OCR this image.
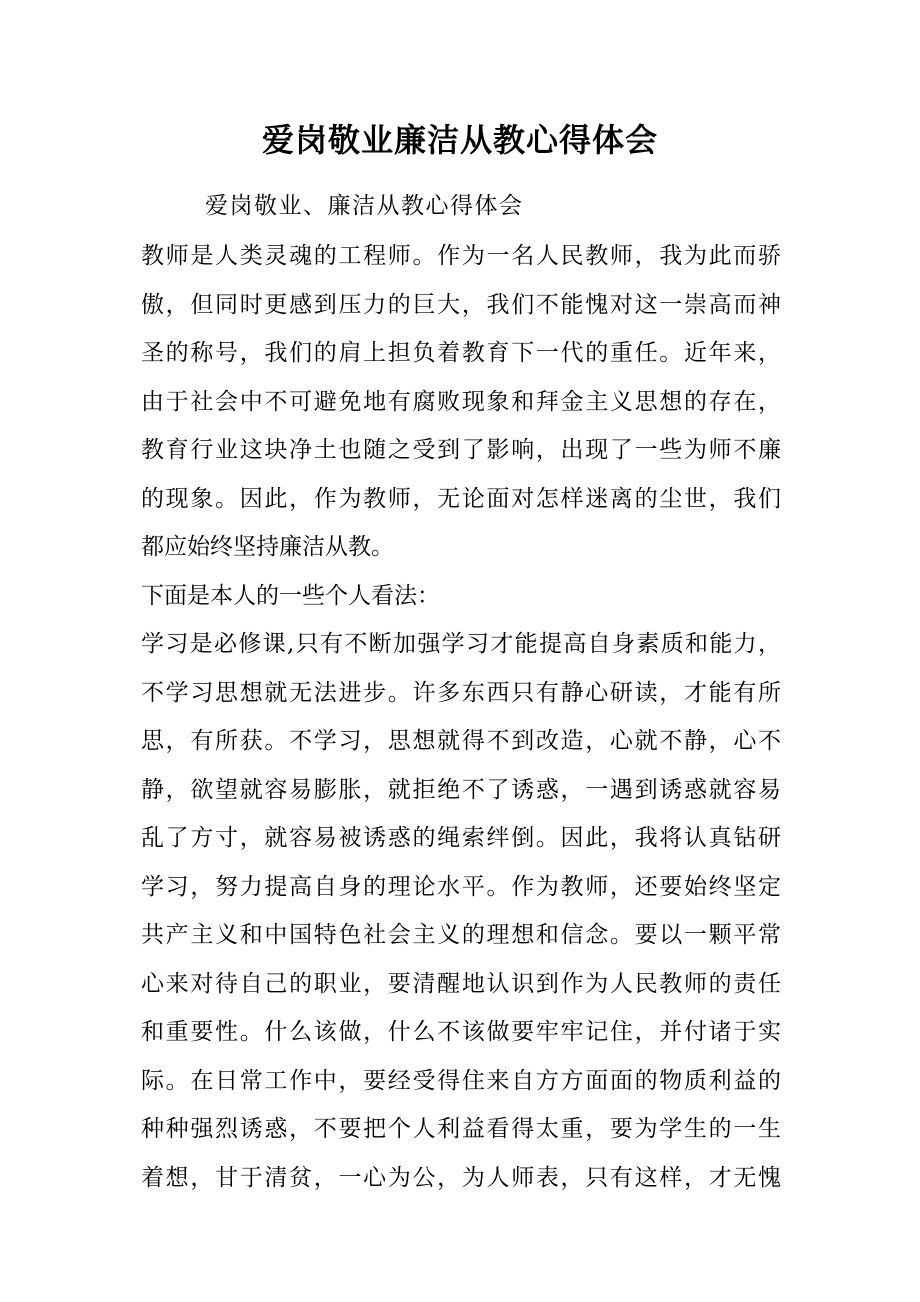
爱岗敬业廉洁从教心得体会
爱岗敬业、廉洁从教心得体会
教师是人类灵魂的工程师。作为一名人民教师，我为此而骄
傲，但同时更感到压力的巨大，我们不能愧对这一崇高而神
圣的称号，我们的肩上担负着教育下一代的重任。近年来，
由于社会中不可避免地有腐败现象和拜金主义思想的存在，
教育行业这块净土也随之受到了影响，出现了一些为师不廉
的现象。因此，作为教师，无论面对怎样迷离的尘世，我们
都应始终坚持廉洁从教。
下面是本人的一些个人看法：
学习是必修课,只有不断加强学习才能提高自身素质和能力，
不学习思想就无法进步。许多东西只有静心研读，才能有所
思，有所获。不学习，思想就得不到改造，心就不静，心不
静，欲望就容易膨胀，就拒绝不了诱惑，一遇到诱惑就容易
乱了方寸，就容易被诱惑的绳索绊倒。因此，我将认真钻研
学习，努力提高自身的理论水平。作为教师，还要始终坚定
共产主义和中国特色社会主义的理想和信念。要以一颗平常
心来对待自己的职业，要清醒地认识到作为人民教师的责任
和重要性。什么该做，什么不该做要牢牢记住，并付诸于实
际。在日常工作中，要经受得住来自方方面面的物质利益的
种种强烈诱惑，不要把个人利益看得太重，要为学生的一生
着想，甘于清贫，一心为公，为人师表，只有这样，才无愧
